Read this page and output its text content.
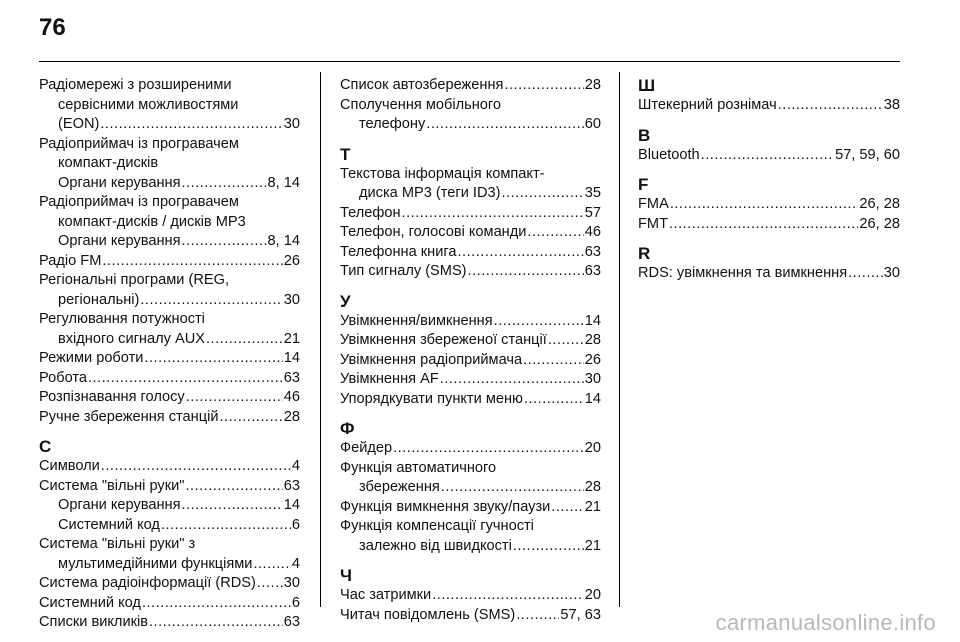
76
Радіомережі з розширеними
сервісними можливостями
(EON) .....	30
Радіоприймач із програвачем
компакт-дисків
Органи керування .....	8, 14
Радіоприймач із програвачем
компакт-дисків / дисків MP3
Органи керування .....	8, 14
Радіо FM .....	26
Регіональні програми (REG,
регіональні) .....	30
Регулювання потужності
вхідного сигналу AUX .....	21
Режими роботи .....	14
Робота .....	63
Розпізнавання голосу .....	46
Ручне збереження станцій .....	28
С
Символи .....	4
Система "вільні руки" .....	63
Органи керування .....	14
Системний код .....	6
Система "вільні руки" з
мультимедійними функціями .....	4
Система радіоінформації (RDS) ..... 30
Системний код .....	6
Списки викликів .....	63
Список автозбереження .....	28
Сполучення мобільного
телефону .....	60
Т
Текстова інформація компакт-
диска MP3 (теги ID3) .....	35
Телефон .....	57
Телефон, голосові команди .....	46
Телефонна книга .....	63
Тип сигналу (SMS) .....	63
У
Увімкнення/вимкнення .....	14
Увімкнення збереженої станції .....	28
Увімкнення радіоприймача .....	26
Увімкнення AF .....	30
Упорядкувати пункти меню .....	14
Ф
Фейдер .....	20
Функція автоматичного
збереження .....	28
Функція вимкнення звуку/паузи ..... 21
Функція компенсації гучності
залежно від швидкості .....	21
Ч
Час затримки .....	20
Читач повідомлень (SMS) .....	57, 63
Ш
Штекерний рознімач .....	38
B
Bluetooth .....	57, 59, 60
F
FMA .....	26, 28
FMT .....	26, 28
R
RDS: увімкнення та вимкнення .....	30
carmanualsonline.info
